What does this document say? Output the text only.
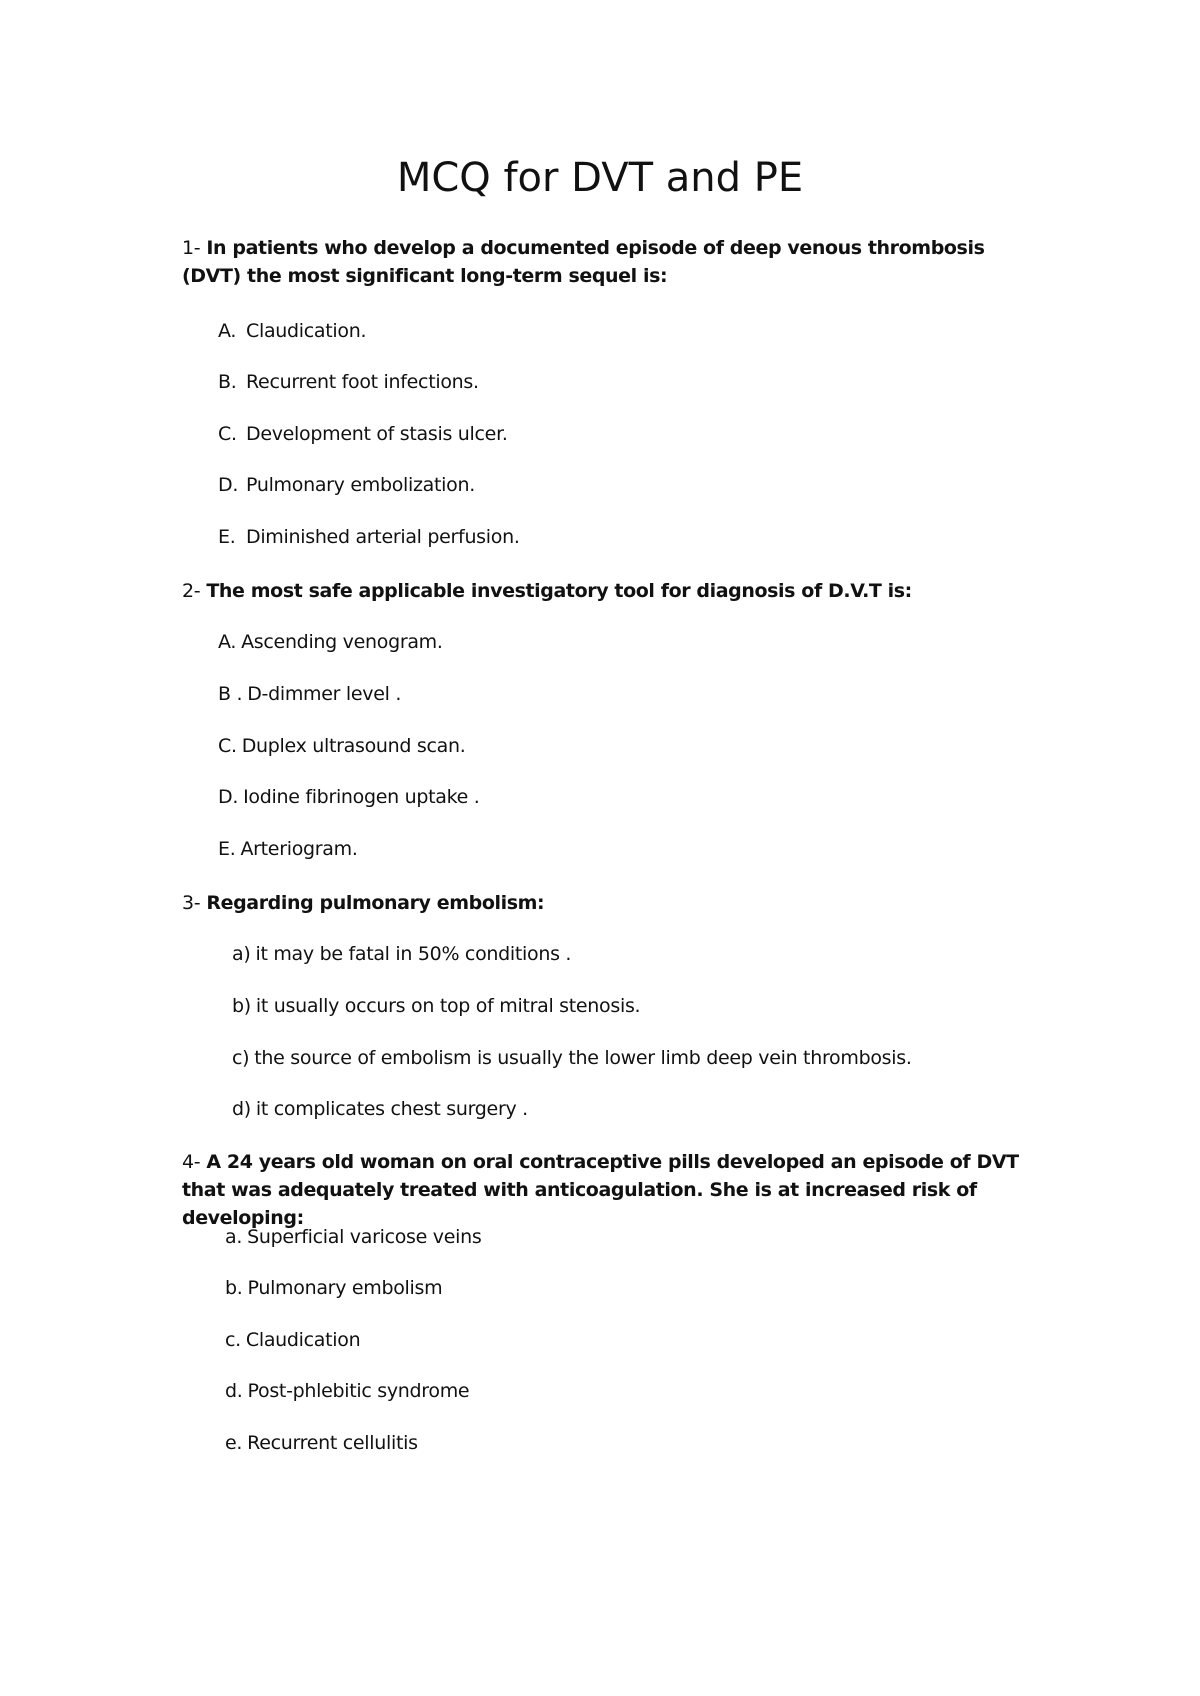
MCQ for DVT and PE

1- In patients who develop a documented episode of deep venous thrombosis (DVT) the most significant long-term sequel is:

A. Claudication.

B. Recurrent foot infections.

C. Development of stasis ulcer.

D. Pulmonary embolization.

E. Diminished arterial perfusion.

2- The most safe applicable investigatory tool for diagnosis of D.V.T is:

A. Ascending venogram.

B . D-dimmer level .

C. Duplex ultrasound scan.

D. Iodine fibrinogen uptake .

E. Arteriogram.

3- Regarding pulmonary embolism:

a) it may be fatal in 50% conditions .

b) it usually occurs on top of mitral stenosis.

c) the source of embolism is usually the lower limb deep vein thrombosis.

d) it complicates chest surgery .

4- A 24 years old woman on oral contraceptive pills developed an episode of DVT that was adequately treated with anticoagulation. She is at increased risk of developing:

a. Superficial varicose veins

b. Pulmonary embolism

c. Claudication

d. Post-phlebitic syndrome

e. Recurrent cellulitis
